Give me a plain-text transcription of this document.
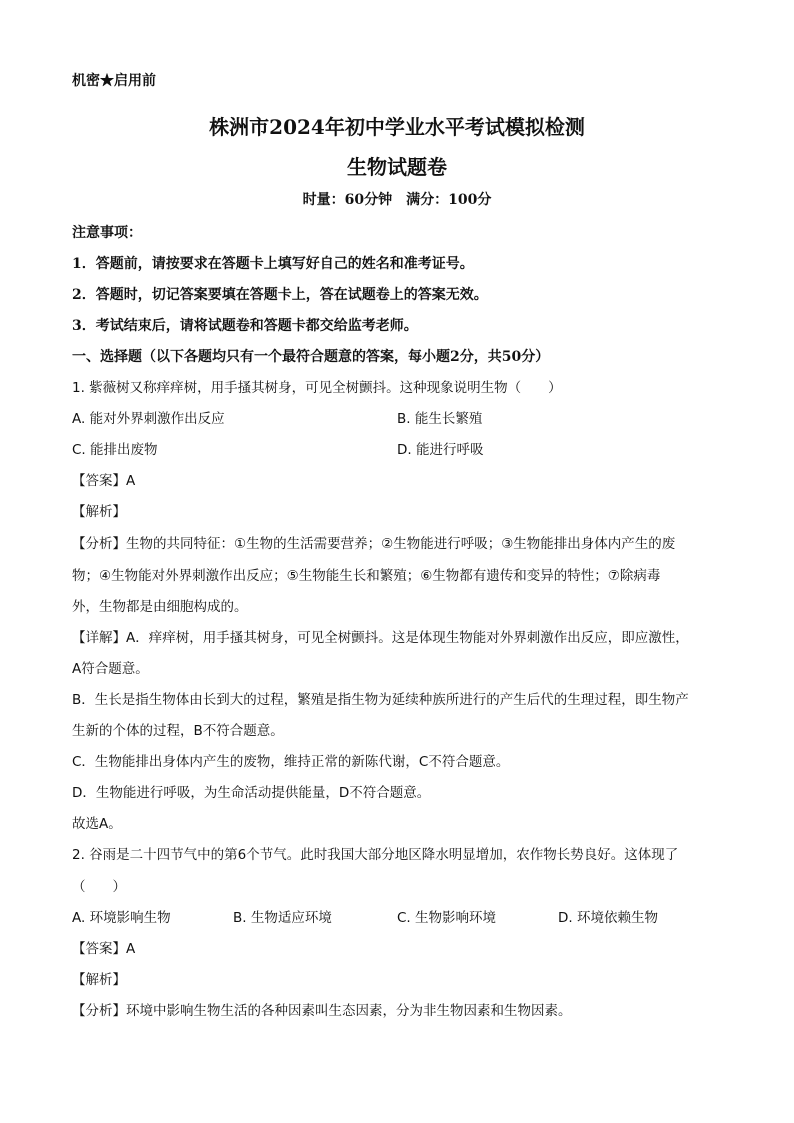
机密★启用前
株洲市2024年初中学业水平考试模拟检测
生物试题卷
时量：60分钟　满分：100分
注意事项：
1．答题前，请按要求在答题卡上填写好自己的姓名和准考证号。
2．答题时，切记答案要填在答题卡上，答在试题卷上的答案无效。
3．考试结束后，请将试题卷和答题卡都交给监考老师。
一、选择题（以下各题均只有一个最符合题意的答案，每小题2分，共50分）
1. 紫薇树又称痒痒树，用手搔其树身，可见全树颤抖。这种现象说明生物（　　）
A. 能对外界刺激作出反应	B. 能生长繁殖
C. 能排出废物	D. 能进行呼吸
【答案】A
【解析】
【分析】生物的共同特征：①生物的生活需要营养；②生物能进行呼吸；③生物能排出身体内产生的废
物；④生物能对外界刺激作出反应；⑤生物能生长和繁殖；⑥生物都有遗传和变异的特性；⑦除病毒
外，生物都是由细胞构成的。
【详解】A．痒痒树，用手搔其树身，可见全树颤抖。这是体现生物能对外界刺激作出反应，即应激性，
A符合题意。
B．生长是指生物体由长到大的过程，繁殖是指生物为延续种族所进行的产生后代的生理过程，即生物产
生新的个体的过程，B不符合题意。
C．生物能排出身体内产生的废物，维持正常的新陈代谢，C不符合题意。
D．生物能进行呼吸，为生命活动提供能量，D不符合题意。
故选A。
2. 谷雨是二十四节气中的第6个节气。此时我国大部分地区降水明显增加，农作物长势良好。这体现了
（　　）
A. 环境影响生物	B. 生物适应环境	C. 生物影响环境	D. 环境依赖生物
【答案】A
【解析】
【分析】环境中影响生物生活的各种因素叫生态因素，分为非生物因素和生物因素。
